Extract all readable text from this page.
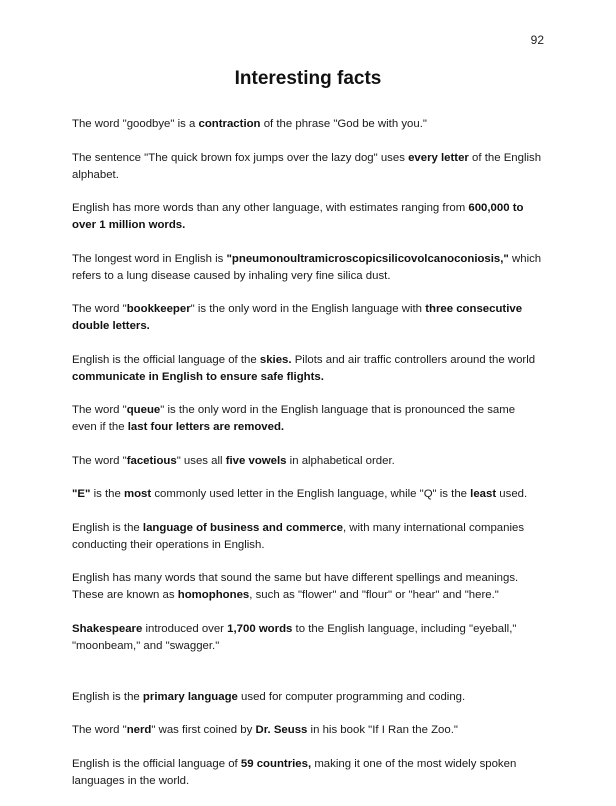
92
Interesting facts

The word "goodbye" is a contraction of the phrase "God be with you."

The sentence "The quick brown fox jumps over the lazy dog" uses every letter of the English alphabet.

English has more words than any other language, with estimates ranging from 600,000 to over 1 million words.

The longest word in English is "pneumonoultramicroscopicsilicovolcanoconiosis," which refers to a lung disease caused by inhaling very fine silica dust.

The word "bookkeeper" is the only word in the English language with three consecutive double letters.

English is the official language of the skies. Pilots and air traffic controllers around the world communicate in English to ensure safe flights.

The word "queue" is the only word in the English language that is pronounced the same even if the last four letters are removed.

The word "facetious" uses all five vowels in alphabetical order.

"E" is the most commonly used letter in the English language, while "Q" is the least used.

English is the language of business and commerce, with many international companies conducting their operations in English.

English has many words that sound the same but have different spellings and meanings. These are known as homophones, such as "flower" and "flour" or "hear" and "here."

Shakespeare introduced over 1,700 words to the English language, including "eyeball," "moonbeam," and "swagger."

English is the primary language used for computer programming and coding.

The word "nerd" was first coined by Dr. Seuss in his book "If I Ran the Zoo."

English is the official language of 59 countries, making it one of the most widely spoken languages in the world.
